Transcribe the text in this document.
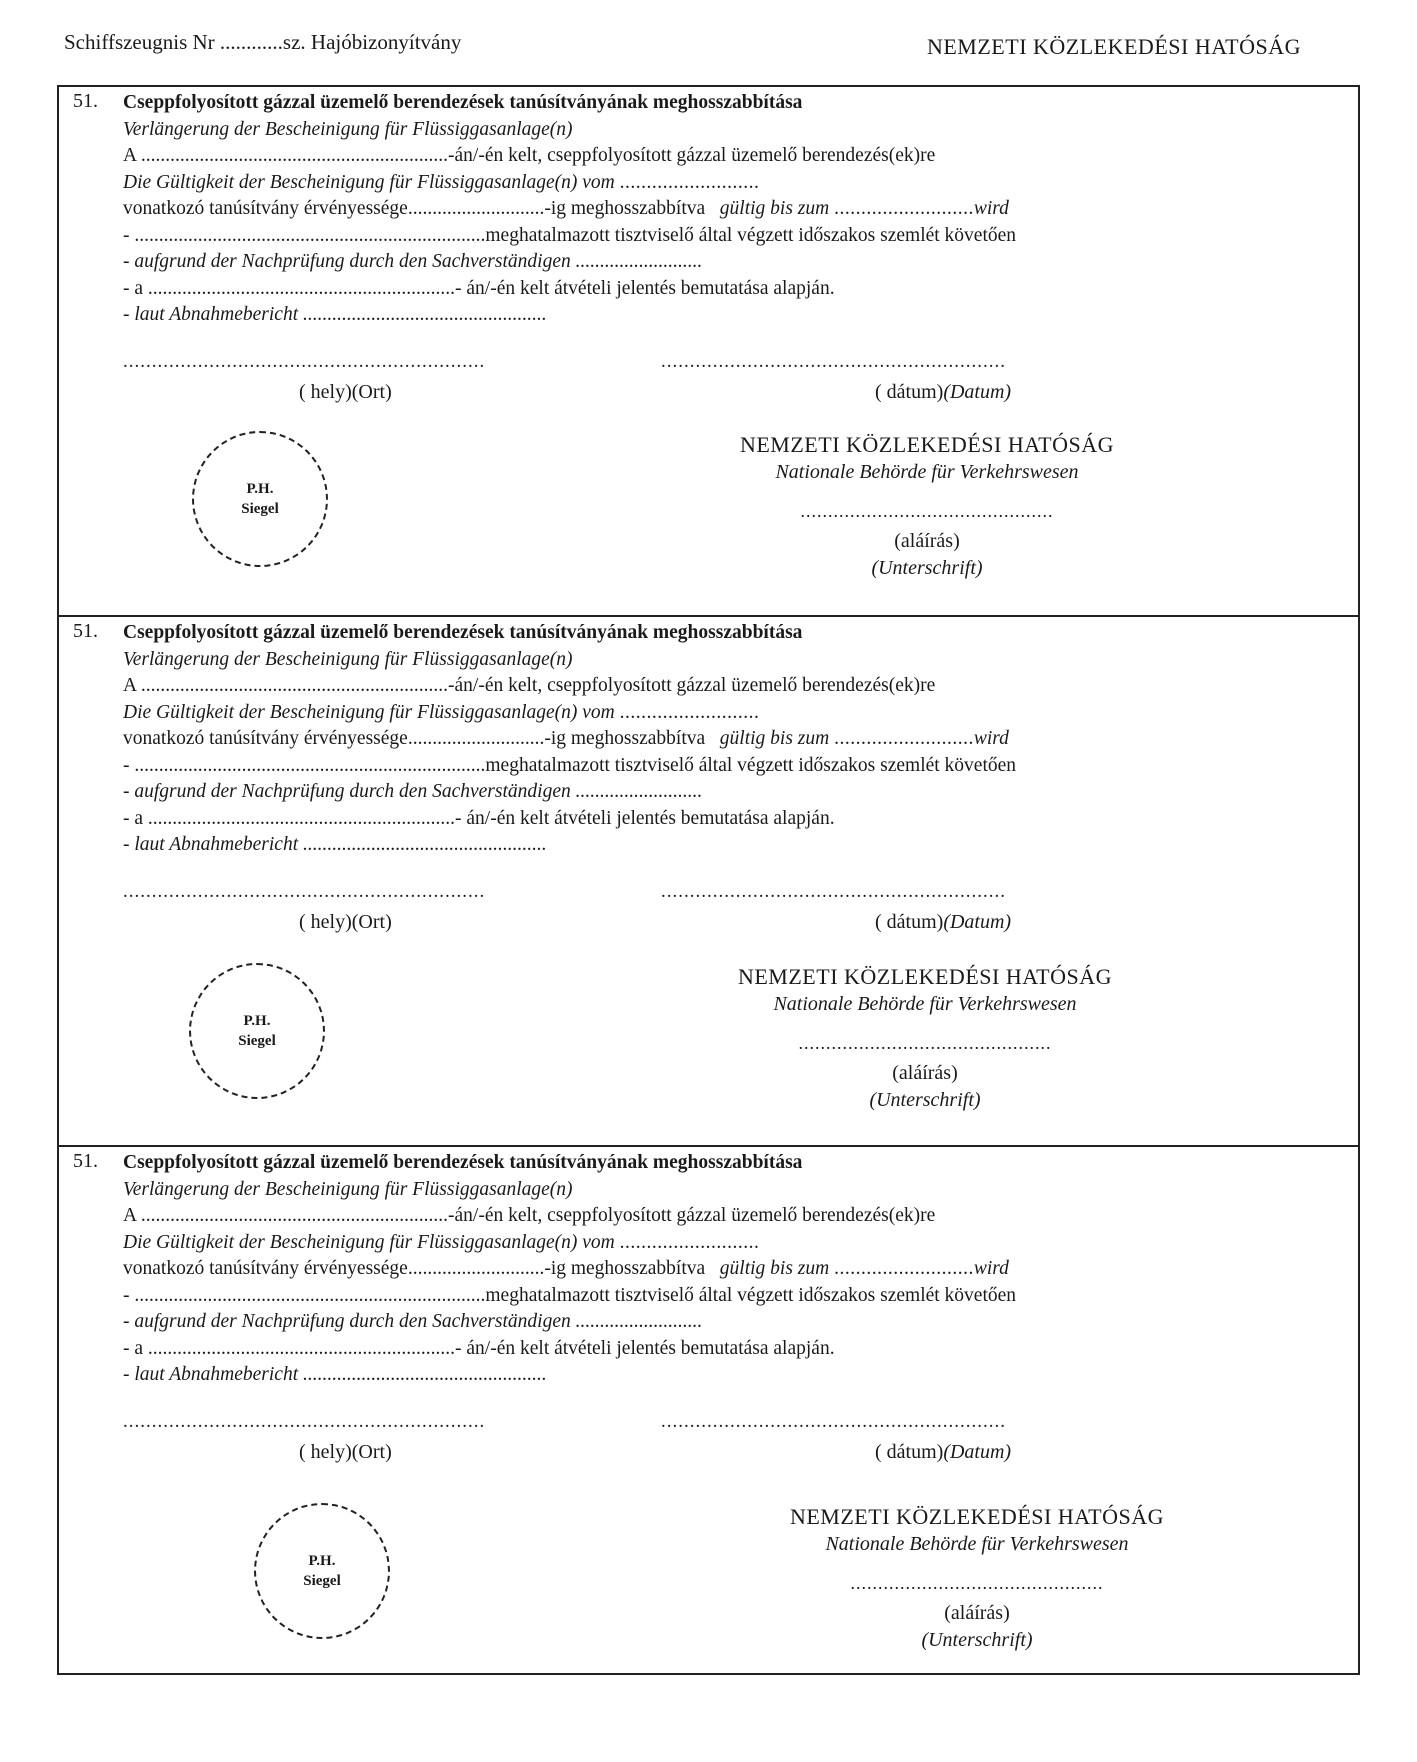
Schiffszeugnis Nr ............sz. Hajóbizonyítvány	NEMZETI KÖZLEKEDÉSI HATÓSÁG
51. Cseppfolyosított gázzal üzemelő berendezések tanúsítványának meghosszabbítása
Verlängerung der Bescheinigung für Flüssiggasanlage(n)
A ...............................................................-án/-én kelt, cseppfolyosított gázzal üzemelő berendezés(ek)re
Die Gültigkeit der Bescheinigung für Flüssiggasanlage(n) vom ..........................
vonatkozó tanúsítvány érvényessége............................-ig meghosszabbítva gültig bis zum ..........................wird
- ........................................................................meghatalmazott tisztviselő által végzett időszakos szemlét követően
- aufgrund der Nachprüfung durch den Sachverständigen ..........................
- a ...............................................................- án/-én kelt átvételi jelentés bemutatása alapján.
- laut Abnahmebericht ..................................................
...............................................................	............................................................
( hely)(Ort)	( dátum)(Datum)
P.H.
Siegel
NEMZETI KÖZLEKEDÉSI HATÓSÁG
Nationale Behörde für Verkehrswesen
..............................................
(aláírás)
(Unterschrift)
51. Cseppfolyosított gázzal üzemelő berendezések tanúsítványának meghosszabbítása
Verlängerung der Bescheinigung für Flüssiggasanlage(n)
A ...............................................................-án/-én kelt, cseppfolyosított gázzal üzemelő berendezés(ek)re
Die Gültigkeit der Bescheinigung für Flüssiggasanlage(n) vom ..........................
vonatkozó tanúsítvány érvényessége............................-ig meghosszabbítva gültig bis zum ..........................wird
- ........................................................................meghatalmazott tisztviselő által végzett időszakos szemlét követően
- aufgrund der Nachprüfung durch den Sachverständigen ..........................
- a ...............................................................- án/-én kelt átvételi jelentés bemutatása alapján.
- laut Abnahmebericht ..................................................
...............................................................	............................................................
( hely)(Ort)	( dátum)(Datum)
P.H.
Siegel
NEMZETI KÖZLEKEDÉSI HATÓSÁG
Nationale Behörde für Verkehrswesen
..............................................
(aláírás)
(Unterschrift)
51. Cseppfolyosított gázzal üzemelő berendezések tanúsítványának meghosszabbítása
Verlängerung der Bescheinigung für Flüssiggasanlage(n)
A ...............................................................-án/-én kelt, cseppfolyosított gázzal üzemelő berendezés(ek)re
Die Gültigkeit der Bescheinigung für Flüssiggasanlage(n) vom ..........................
vonatkozó tanúsítvány érvényessége............................-ig meghosszabbítva gültig bis zum ..........................wird
- ........................................................................meghatalmazott tisztviselő által végzett időszakos szemlét követően
- aufgrund der Nachprüfung durch den Sachverständigen ..........................
- a ...............................................................- án/-én kelt átvételi jelentés bemutatása alapján.
- laut Abnahmebericht ..................................................
...............................................................	............................................................
( hely)(Ort)	( dátum)(Datum)
P.H.
Siegel
NEMZETI KÖZLEKEDÉSI HATÓSÁG
Nationale Behörde für Verkehrswesen
..............................................
(aláírás)
(Unterschrift)
